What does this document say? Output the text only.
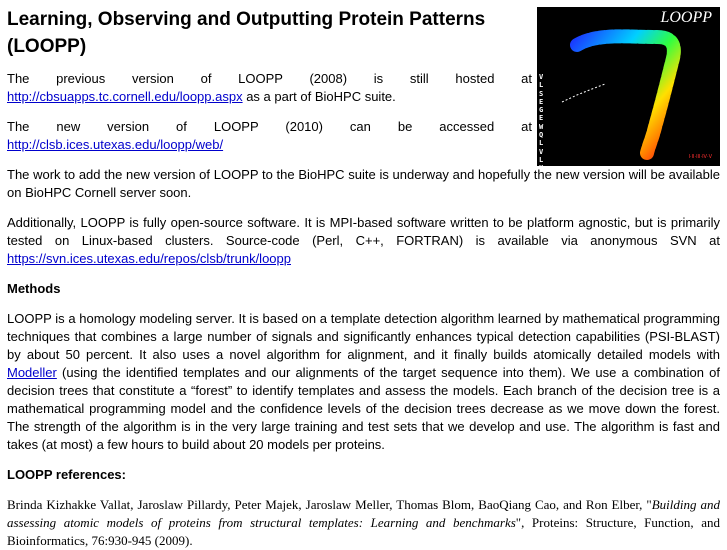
LOOPP
VLSEGEWQLVL	I·II·III·IV·V
Learning, Observing and Outputting Protein Patterns (LOOPP)

The previous version of LOOPP (2008) is still hosted at http://cbsuapps.tc.cornell.edu/loopp.aspx as a part of BioHPC suite.

The new version of LOOPP (2010) can be accessed at http://clsb.ices.utexas.edu/loopp/web/

The work to add the new version of LOOPP to the BioHPC suite is underway and hopefully the new version will be available on BioHPC Cornell server soon.

Additionally, LOOPP is fully open-source software. It is MPI-based software written to be platform agnostic, but is primarily tested on Linux-based clusters. Source-code (Perl, C++, FORTRAN) is available via anonymous SVN at https://svn.ices.utexas.edu/repos/clsb/trunk/loopp

Methods

LOOPP is a homology modeling server. It is based on a template detection algorithm learned by mathematical programming techniques that combines a large number of signals and significantly enhances typical detection capabilities (PSI-BLAST) by about 50 percent. It also uses a novel algorithm for alignment, and it finally builds atomically detailed models with Modeller (using the identified templates and our alignments of the target sequence into them). We use a combination of decision trees that constitute a “forest” to identify templates and assess the models. Each branch of the decision tree is a mathematical programming model and the confidence levels of the decision trees decrease as we move down the forest. The strength of the algorithm is in the very large training and test sets that we develop and use. The algorithm is fast and takes (at most) a few hours to build about 20 models per proteins.

LOOPP references:

Brinda Kizhakke Vallat, Jaroslaw Pillardy, Peter Majek, Jaroslaw Meller, Thomas Blom, BaoQiang Cao, and Ron Elber, "Building and assessing atomic models of proteins from structural templates: Learning and benchmarks", Proteins: Structure, Function, and Bioinformatics, 76:930-945 (2009).
